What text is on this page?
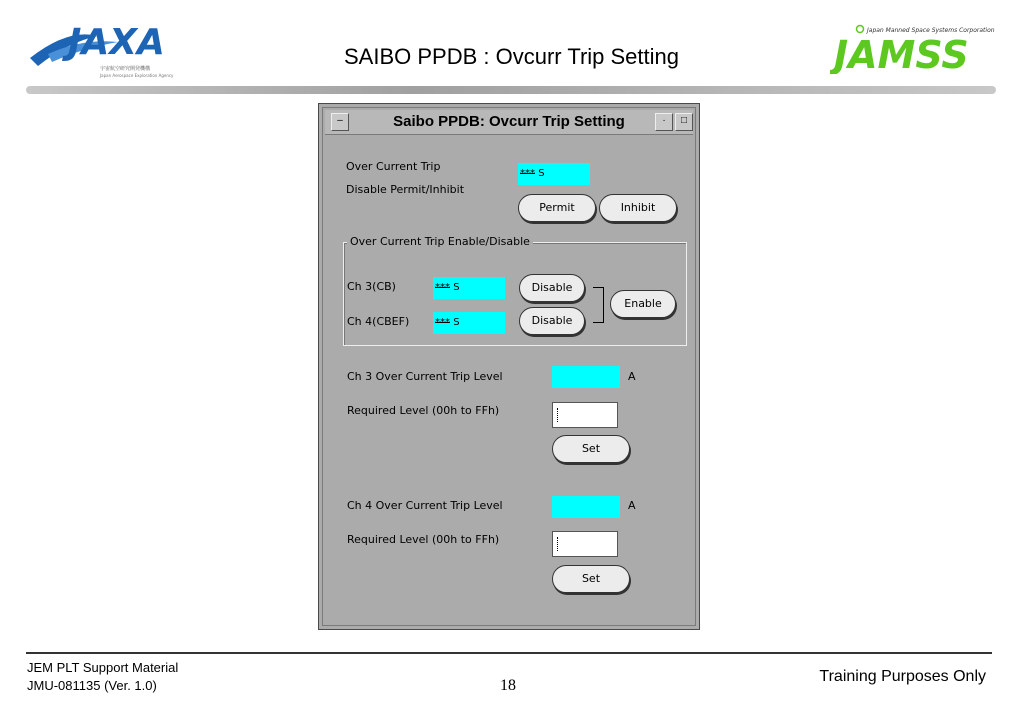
JAXA
宇宙航空研究開発機構
Japan Aerospace Exploration Agency
SAIBO PPDB : Ovcurr Trip Setting
Japan Manned Space Systems Corporation
JAMSS
–	Saibo PPDB: Ovcurr Trip Setting	·	□
Over Current Trip
Disable Permit/Inhibit
*** S
Permit	Inhibit
Over Current Trip Enable/Disable
Ch 3(CB)	*** S	Disable
Ch 4(CBEF)	*** S	Disable
Enable
Ch 3 Over Current Trip Level	A
Required Level (00h to FFh)
Set
Ch 4 Over Current Trip Level	A
Required Level (00h to FFh)
Set
JEM PLT Support Material
JMU-081135 (Ver. 1.0)	18
Training Purposes Only
